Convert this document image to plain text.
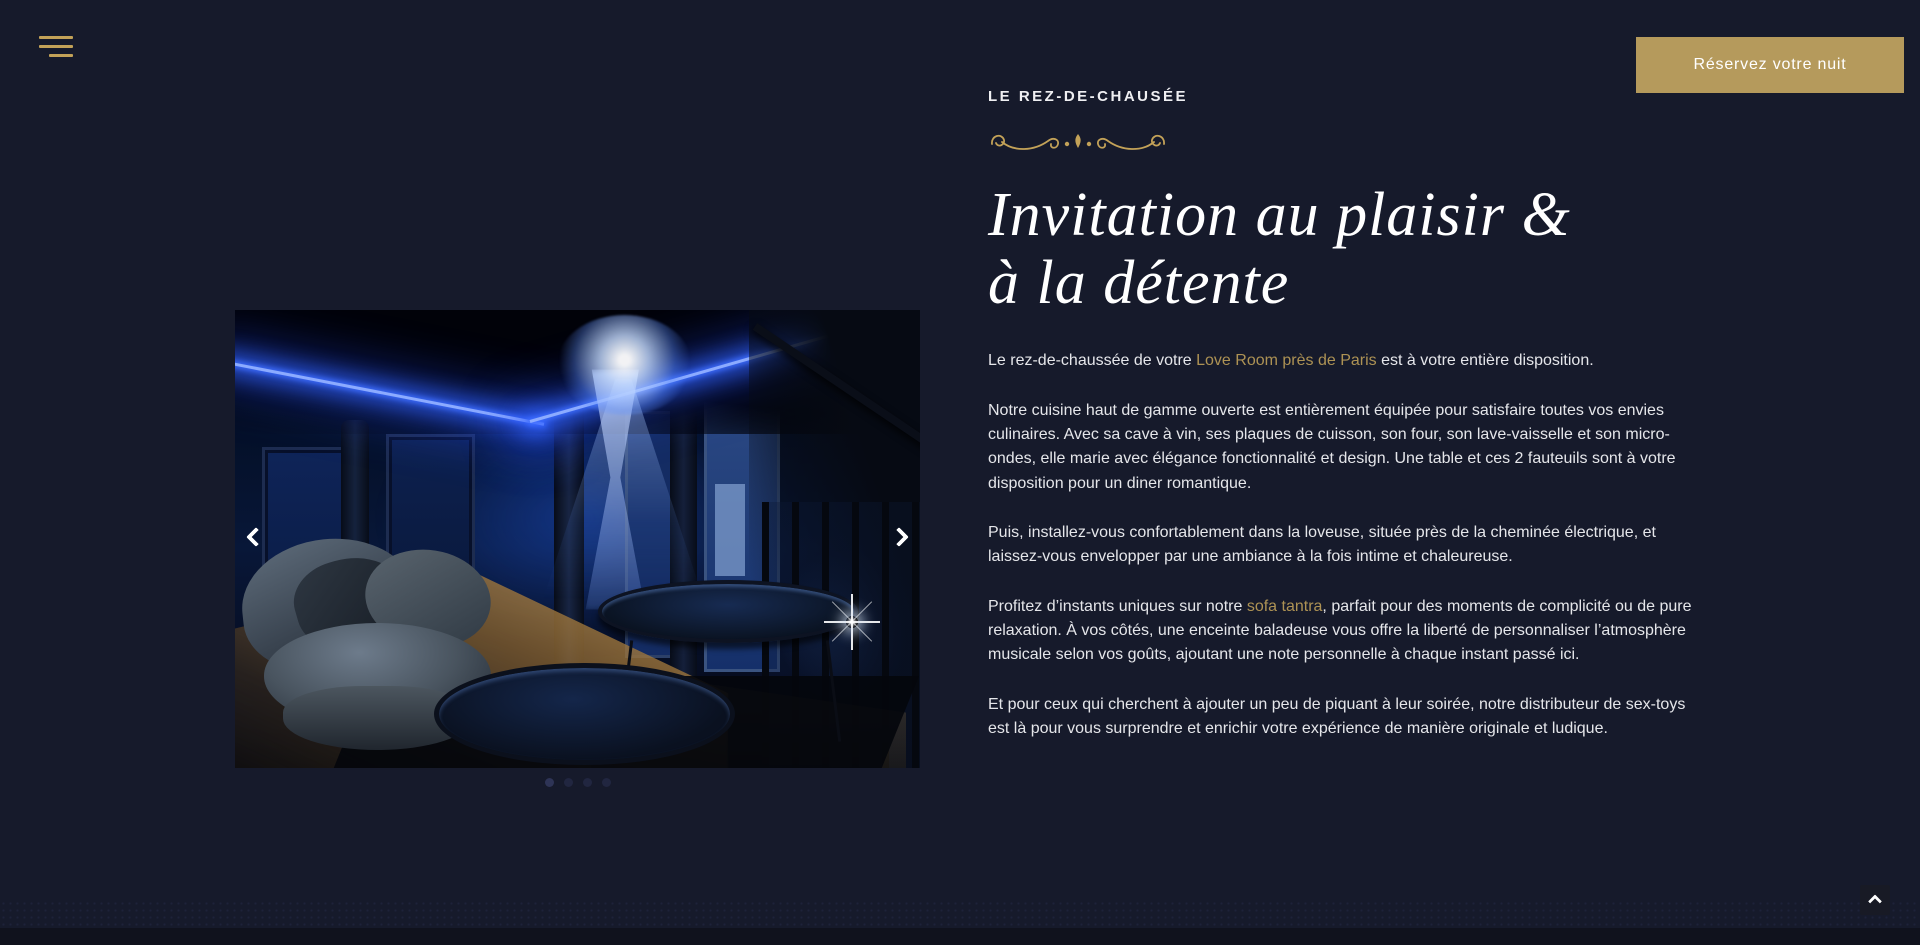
Réservez votre nuit
LE REZ-DE-CHAUSÉE
Invitation au plaisir &
à la détente

Le rez-de-chaussée de votre Love Room près de Paris est à votre entière disposition.

Notre cuisine haut de gamme ouverte est entièrement équipée pour satisfaire toutes vos envies culinaires. Avec sa cave à vin, ses plaques de cuisson, son four, son lave-vaisselle et son micro-ondes, elle marie avec élégance fonctionnalité et design. Une table et ces 2 fauteuils sont à votre disposition pour un diner romantique.

Puis, installez-vous confortablement dans la loveuse, située près de la cheminée électrique, et laissez-vous envelopper par une ambiance à la fois intime et chaleureuse.

Profitez d’instants uniques sur notre sofa tantra, parfait pour des moments de complicité ou de pure relaxation. À vos côtés, une enceinte baladeuse vous offre la liberté de personnaliser l’atmosphère musicale selon vos goûts, ajoutant une note personnelle à chaque instant passé ici.

Et pour ceux qui cherchent à ajouter un peu de piquant à leur soirée, notre distributeur de sex-toys est là pour vous surprendre et enrichir votre expérience de manière originale et ludique.
